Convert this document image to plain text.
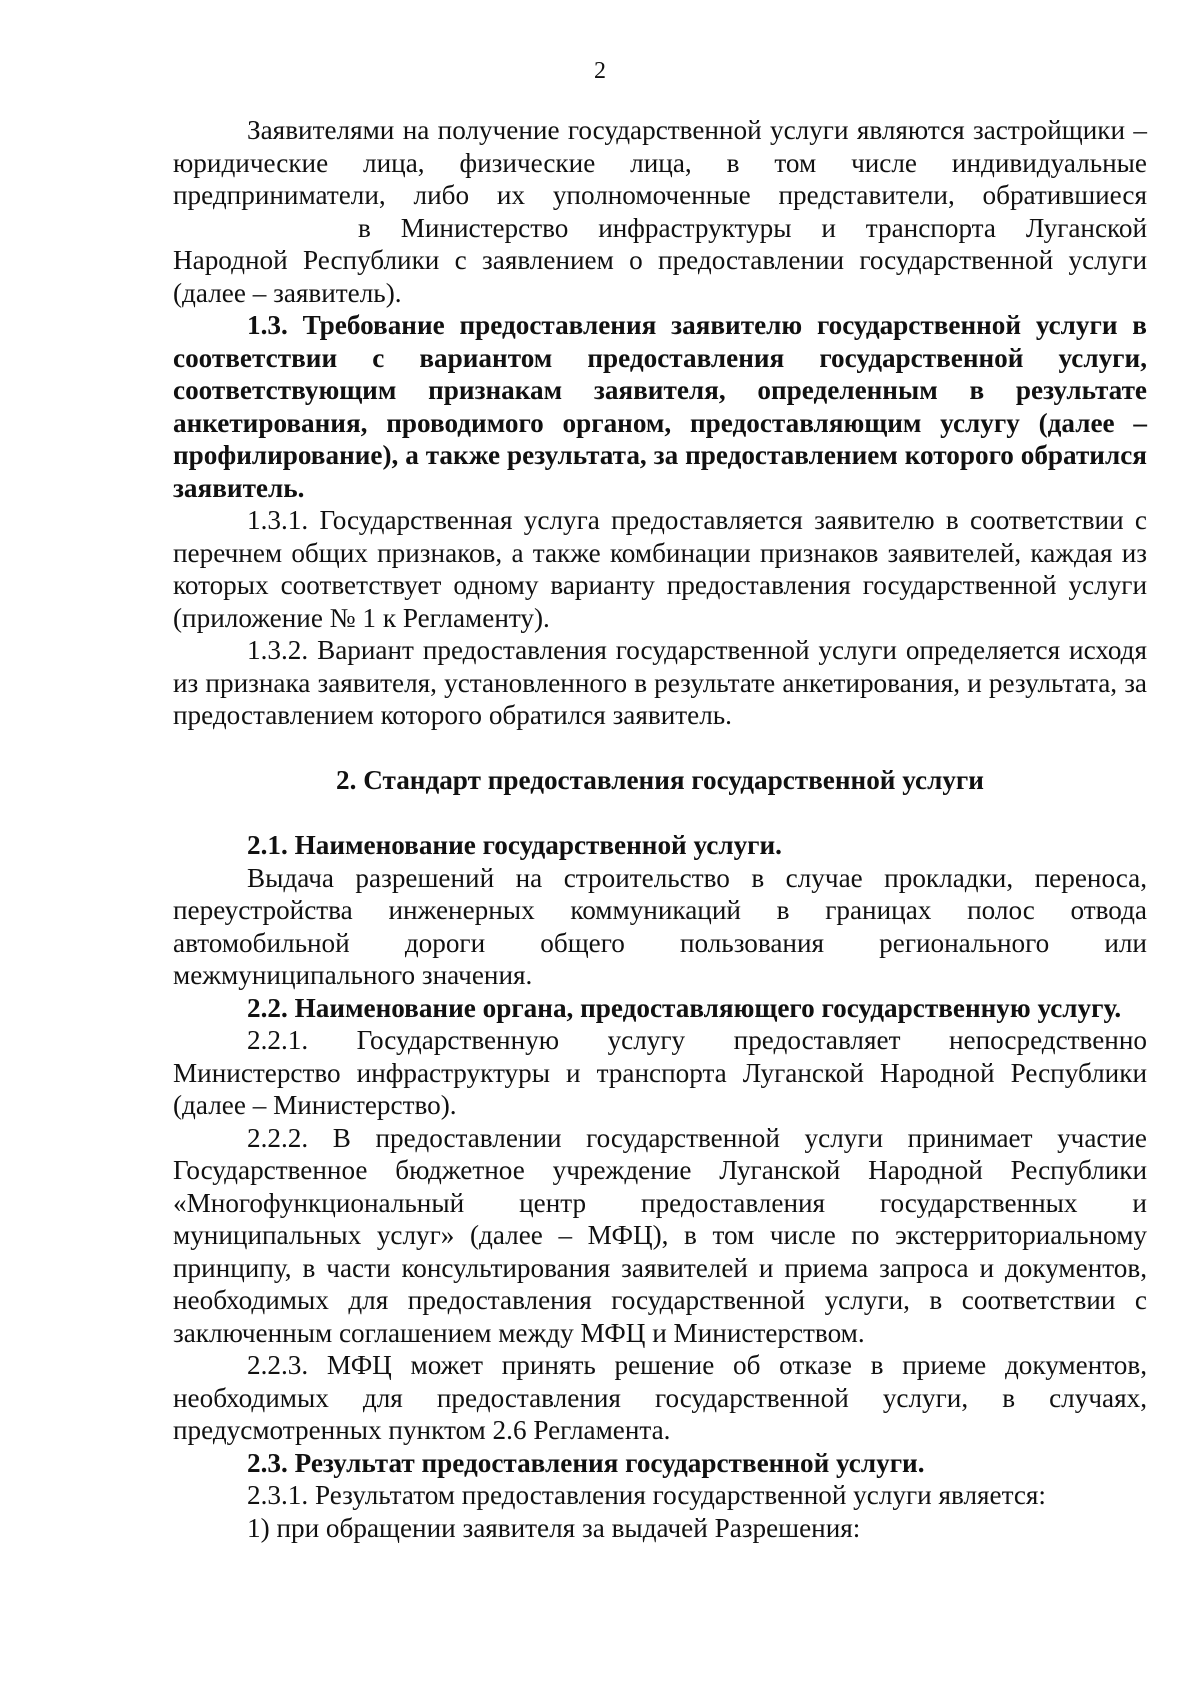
2

Заявителями на получение государственной услуги являются застройщики – юридические лица, физические лица, в том числе индивидуальные предприниматели, либо их уполномоченные представители, обратившиесяв Министерство инфраструктуры и транспорта Луганской Народной Республики с заявлением о предоставлении государственной услуги (далее – заявитель).

1.3. Требование предоставления заявителю государственной услуги в соответствии с вариантом предоставления государственной услуги, соответствующим признакам заявителя, определенным в результате анкетирования, проводимого органом, предоставляющим услугу (далее – профилирование), а также результата, за предоставлением которого обратился заявитель.

1.3.1. Государственная услуга предоставляется заявителю в соответствии с перечнем общих признаков, а также комбинации признаков заявителей, каждая из которых соответствует одному варианту предоставления государственной услуги (приложение № 1 к Регламенту).

1.3.2. Вариант предоставления государственной услуги определяется исходя из признака заявителя, установленного в результате анкетирования, и результата, за предоставлением которого обратился заявитель.

2. Стандарт предоставления государственной услуги

2.1. Наименование государственной услуги.

Выдача разрешений на строительство в случае прокладки, переноса, переустройства инженерных коммуникаций в границах полос отвода автомобильной дороги общего пользования регионального или межмуниципального значения.

2.2. Наименование органа, предоставляющего государственную услугу.

2.2.1. Государственную услугу предоставляет непосредственно Министерство инфраструктуры и транспорта Луганской Народной Республики (далее – Министерство).

2.2.2. В предоставлении государственной услуги принимает участие Государственное бюджетное учреждение Луганской Народной Республики «Многофункциональный центр предоставления государственных и муниципальных услуг» (далее – МФЦ), в том числе по экстерриториальному принципу, в части консультирования заявителей и приема запроса и документов, необходимых для предоставления государственной услуги, в соответствии с заключенным соглашением между МФЦ и Министерством.

2.2.3. МФЦ может принять решение об отказе в приеме документов, необходимых для предоставления государственной услуги, в случаях, предусмотренных пунктом 2.6 Регламента.

2.3. Результат предоставления государственной услуги.

2.3.1. Результатом предоставления государственной услуги является:

1) при обращении заявителя за выдачей Разрешения:
